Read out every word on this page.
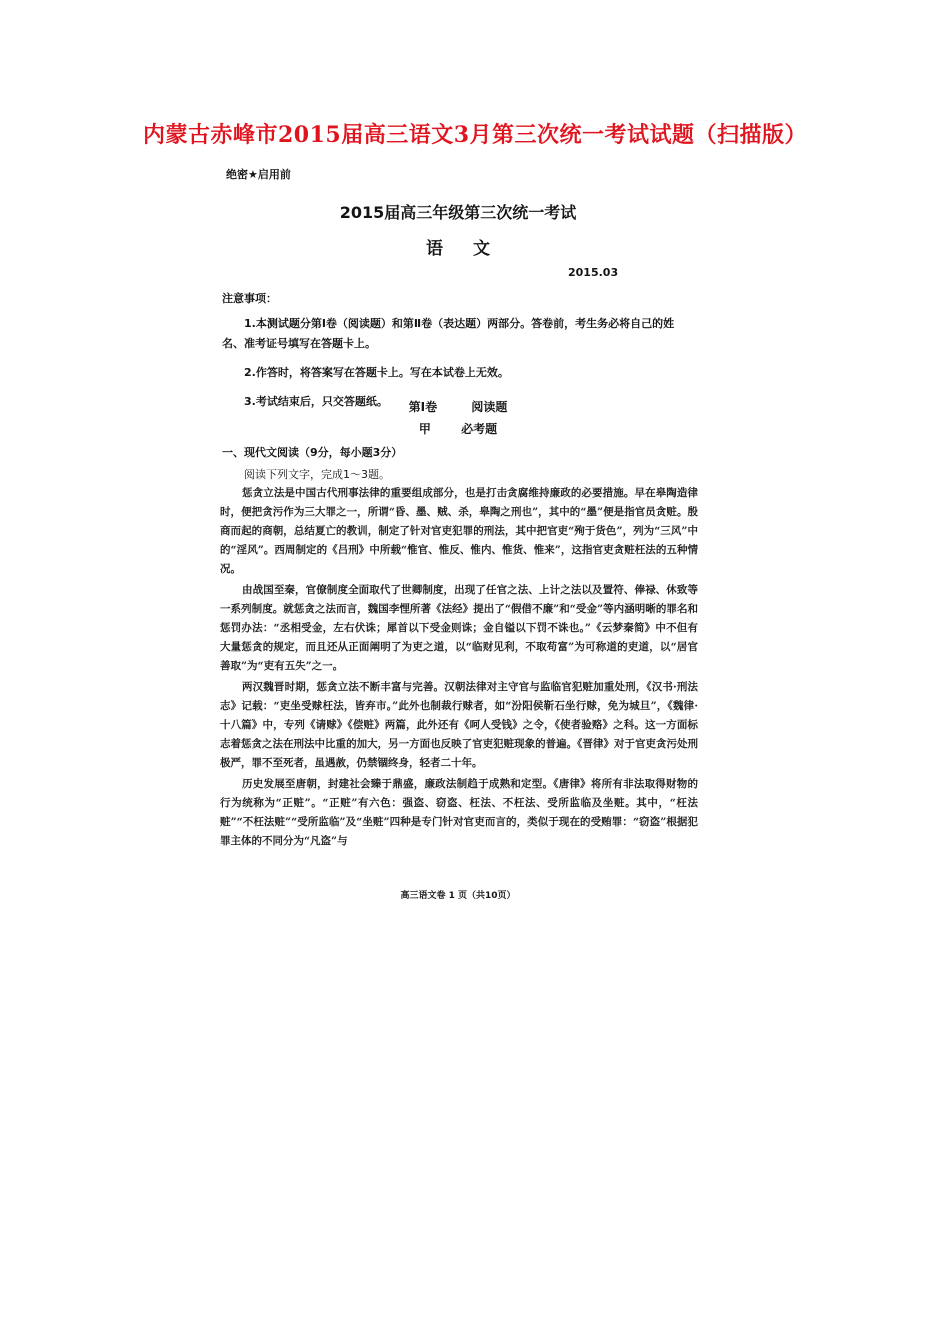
内蒙古赤峰市2015届高三语文3月第三次统一考试试题（扫描版）
绝密★启用前
2015届高三年级第三次统一考试
语文
2015.03
注意事项：

1.本测试题分第Ⅰ卷（阅读题）和第Ⅱ卷（表达题）两部分。答卷前，考生务必将自己的姓名、准考证号填写在答题卡上。

2.作答时，将答案写在答题卡上。写在本试卷上无效。

3.考试结束后，只交答题纸。	第Ⅰ卷 阅读题
甲 必考题
一、现代文阅读（9分，每小题3分）
阅读下列文字，完成1～3题。

惩贪立法是中国古代刑事法律的重要组成部分，也是打击贪腐维持廉政的必要措施。早在皋陶造律时，便把贪污作为三大罪之一，所谓“昏、墨、贼、杀，皋陶之刑也”，其中的“墨”便是指官员贪赃。殷商而起的商朝，总结夏亡的教训，制定了针对官吏犯罪的刑法，其中把官吏“殉于货色”，列为“三风”中的“淫风”。西周制定的《吕刑》中所载“惟官、惟反、惟内、惟货、惟来”，这指官吏贪赃枉法的五种情况。

由战国至秦，官僚制度全面取代了世卿制度，出现了任官之法、上计之法以及置符、俸禄、休致等一系列制度。就惩贪之法而言，魏国李悝所著《法经》提出了“假借不廉”和“受金”等内涵明晰的罪名和惩罚办法：“丞相受金，左右伏诛；犀首以下受金则诛；金自镒以下罚不诛也。”《云梦秦简》中不但有大量惩贪的规定，而且还从正面阐明了为吏之道，以“临财见利，不取苟富”为可称道的吏道，以“居官善取”为“吏有五失”之一。

两汉魏晋时期，惩贪立法不断丰富与完善。汉朝法律对主守官与监临官犯赃加重处刑，《汉书·刑法志》记载：“吏坐受赇枉法，皆弃市。”此外也制裁行赇者，如“汾阳侯靳石坐行赇，免为城旦”，《魏律·十八篇》中，专列《请赇》《偿赃》两篇，此外还有《呵人受钱》之令，《使者验赂》之科。这一方面标志着惩贪之法在刑法中比重的加大，另一方面也反映了官吏犯赃现象的普遍。《晋律》对于官吏贪污处刑极严，罪不至死者，虽遇赦，仍禁锢终身，轻者二十年。

历史发展至唐朝，封建社会臻于鼎盛，廉政法制趋于成熟和定型。《唐律》将所有非法取得财物的行为统称为“正赃”。“正赃”有六色：强盗、窃盗、枉法、不枉法、受所监临及坐赃。其中，“枉法赃”“不枉法赃”“受所监临”及“坐赃”四种是专门针对官吏而言的，类似于现在的受贿罪：“窃盗”根据犯罪主体的不同分为“凡盗”与

高三语文卷 1 页（共10页）
